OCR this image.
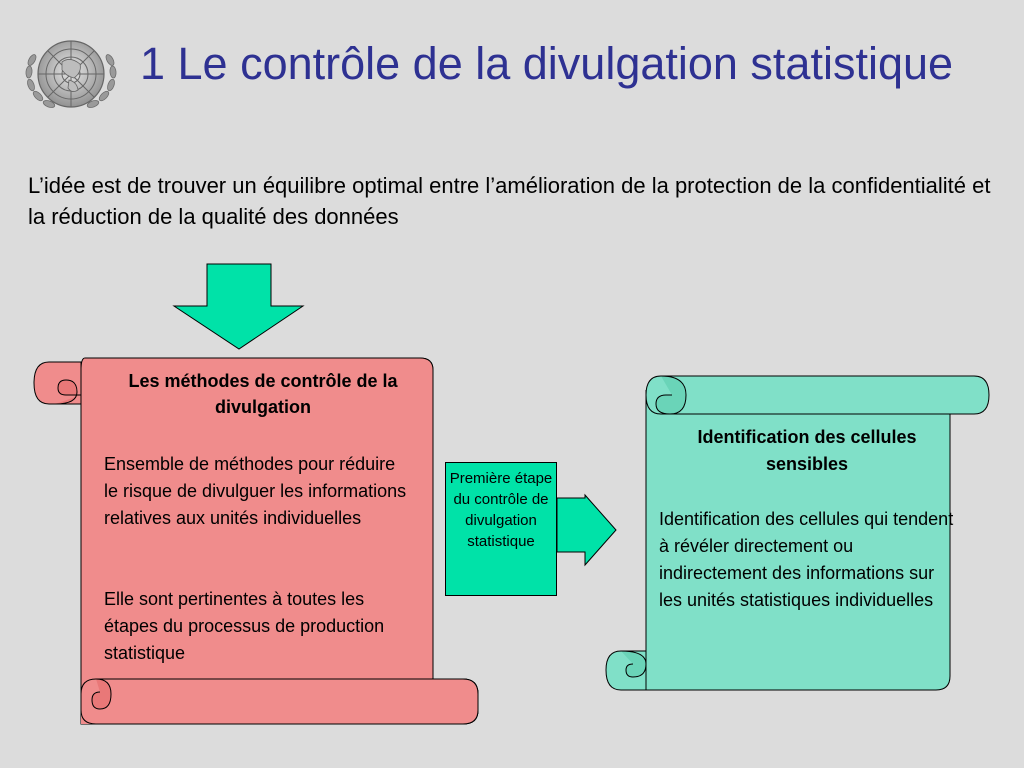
1 Le contrôle de la divulgation statistique
L’idée est de trouver un équilibre optimal entre l’amélioration de la protection de la confidentialité et la réduction de la qualité des données
Les méthodes de contrôle de la divulgation
Ensemble de méthodes pour réduire le risque de divulguer les informations relatives aux unités individuelles
Elle sont pertinentes à toutes les étapes du processus de production statistique
Première étape du contrôle de divulgation statistique
Identification des cellules sensibles
Identification des cellules qui tendent à révéler directement ou indirectement des informations sur les unités statistiques individuelles
